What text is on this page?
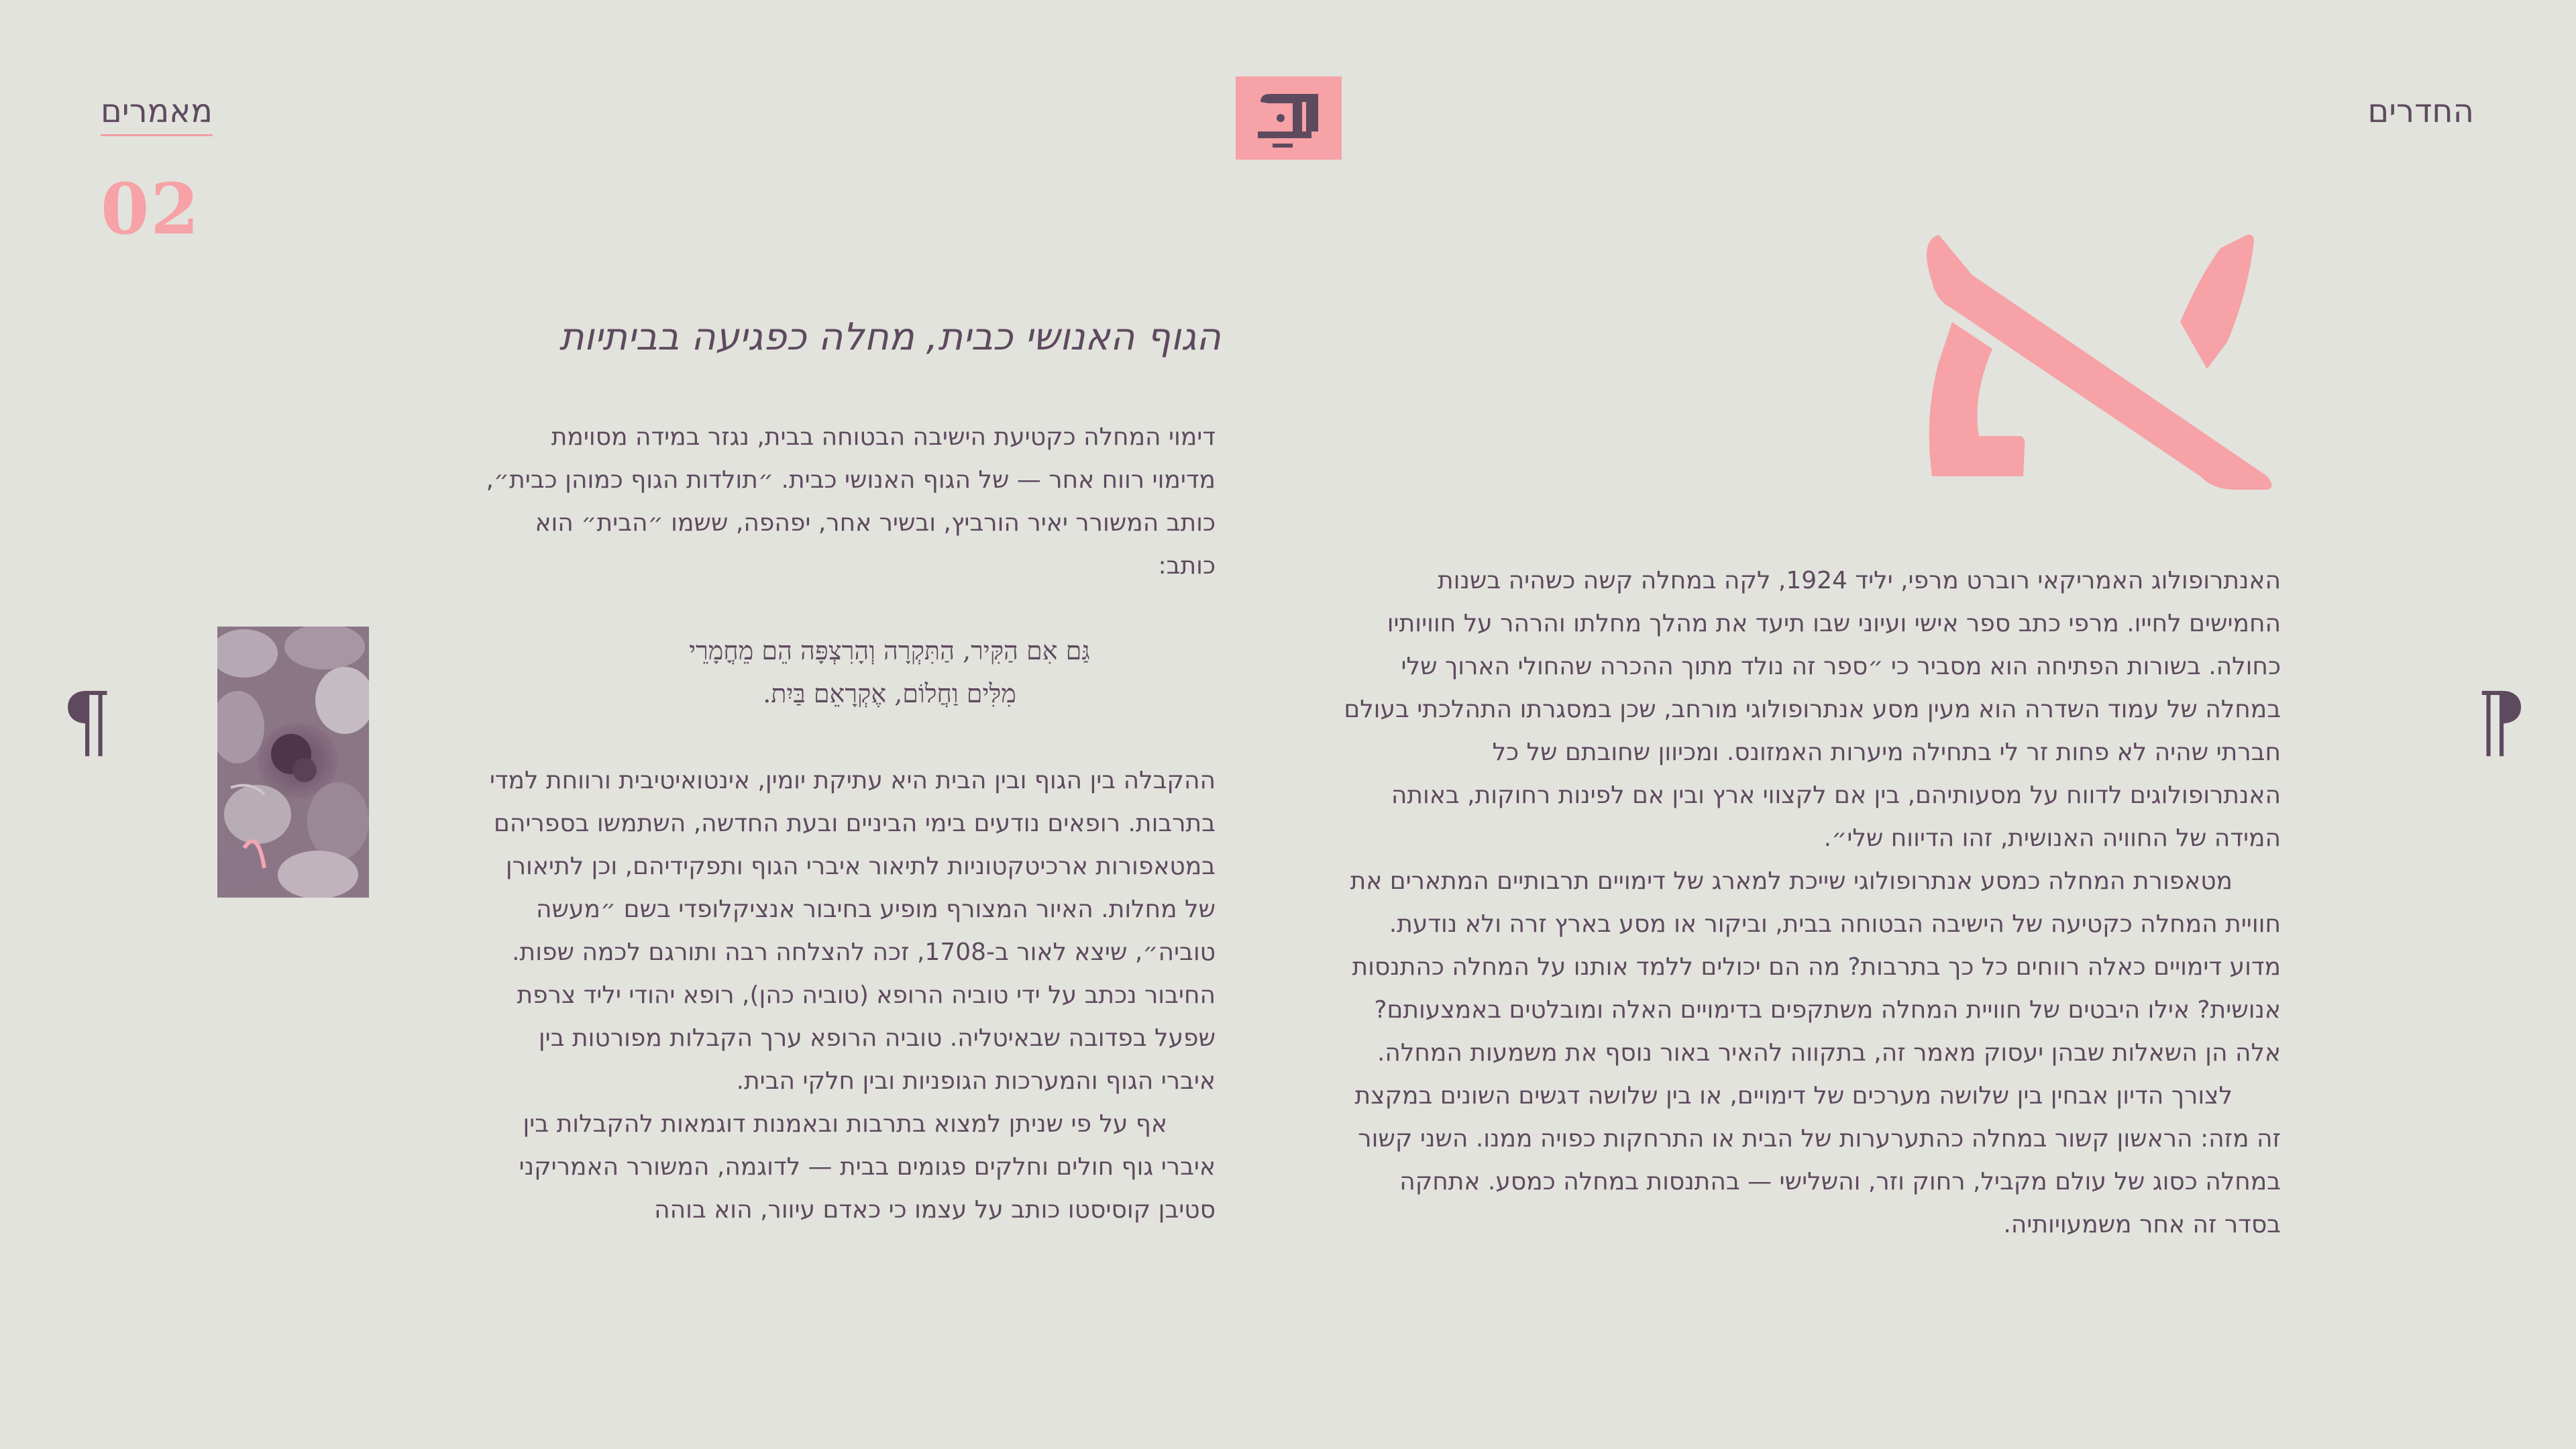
מאמרים	החדרים
02
¶	¶

האנתרופולוג האמריקאי רוברט מרפי, יליד 1924, לקה במחלה קשה כשהיה בשנות החמישים לחייו. מרפי כתב ספר אישי ועיוני שבו תיעד את מהלך מחלתו והרהר על חוויותיו כחולה. בשורות הפתיחה הוא מסביר כי ״ספר זה נולד מתוך ההכרה שהחולי הארוך שלי במחלה של עמוד השדרה הוא מעין מסע אנתרופולוגי מורחב, שכן במסגרתו התהלכתי בעולם חברתי שהיה לא פחות זר לי בתחילה מיערות האמזונס. ומכיוון שחובתם של כל האנתרופולוגים לדווח על מסעותיהם, בין אם לקצווי ארץ ובין אם לפינות רחוקות, באותה המידה של החוויה האנושית, זהו הדיווח שלי״.

מטאפורת המחלה כמסע אנתרופולוגי שייכת למארג של דימויים תרבותיים המתארים את חוויית המחלה כקטיעה של הישיבה הבטוחה בבית, וביקור או מסע בארץ זרה ולא נודעת. מדוע דימויים כאלה רווחים כל כך בתרבות? מה הם יכולים ללמד אותנו על המחלה כהתנסות אנושית? אילו היבטים של חוויית המחלה משתקפים בדימויים האלה ומובלטים באמצעותם? אלה הן השאלות שבהן יעסוק מאמר זה, בתקווה להאיר באור נוסף את משמעות המחלה.

לצורך הדיון אבחין בין שלושה מערכים של דימויים, או בין שלושה דגשים השונים במקצת זה מזה: הראשון קשור במחלה כהתערערות של הבית או התרחקות כפויה ממנו. השני קשור במחלה כסוג של עולם מקביל, רחוק וזר, והשלישי — בהתנסות במחלה כמסע. אתחקה בסדר זה אחר משמעויותיה.

הגוף האנושי כבית, מחלה כפגיעה בביתיות

דימוי המחלה כקטיעת הישיבה הבטוחה בבית, נגזר במידה מסוימת מדימוי רווח אחר — של הגוף האנושי כבית. ״תולדות הגוף כמוהן כבית״, כותב המשורר יאיר הורביץ, ובשיר אחר, יפהפה, ששמו ״הבית״ הוא כותב:

גַּם אִם הַקִּיר, הַתִּקְרָה וְהָרִצְפָּה הֵם מֵחֳמָרֵי
מִלִּים וַחֲלוֹם, אֶקְרָאֵם בַּיִת.

ההקבלה בין הגוף ובין הבית היא עתיקת יומין, אינטואיטיבית ורווחת למדי בתרבות. רופאים נודעים בימי הביניים ובעת החדשה, השתמשו בספריהם במטאפורות ארכיטקטוניות לתיאור איברי הגוף ותפקידיהם, וכן לתיאורן של מחלות. האיור המצורף מופיע בחיבור אנציקלופדי בשם ״מעשה טוביה״, שיצא לאור ב-1708, זכה להצלחה רבה ותורגם לכמה שפות. החיבור נכתב על ידי טוביה הרופא (טוביה כהן), רופא יהודי יליד צרפת שפעל בפדובה שבאיטליה. טוביה הרופא ערך הקבלות מפורטות בין איברי הגוף והמערכות הגופניות ובין חלקי הבית.

אף על פי שניתן למצוא בתרבות ובאמנות דוגמאות להקבלות בין איברי גוף חולים וחלקים פגומים בבית — לדוגמה, המשורר האמריקני סטיבן קוסיסטו כותב על עצמו כי כאדם עיוור, הוא בוהה
